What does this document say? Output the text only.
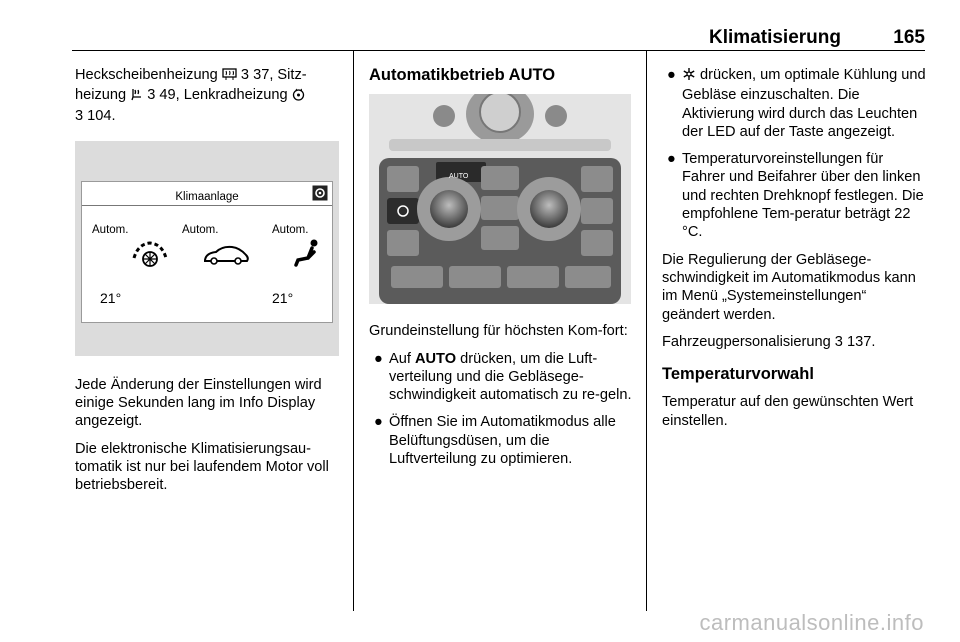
Klimatisierung	165

Heckscheibenheizung  3 37, Sitz-heizung  3 49, Lenkradheizung
3 104.

Klimaanlage
Autom.	Autom.	Autom.
21°	21°

Jede Änderung der Einstellungen wird einige Sekunden lang im Info Display angezeigt.

Die elektronische Klimatisierungsau-tomatik ist nur bei laufendem Motor voll betriebsbereit.

Automatikbetrieb AUTO
AUTO

Grundeinstellung für höchsten Kom-fort:

● Auf AUTO drücken, um die Luft-verteilung und die Gebläsege-schwindigkeit automatisch zu re-geln.
● Öffnen Sie im Automatikmodus alle Belüftungsdüsen, um die Luftverteilung zu optimieren.
● drücken, um optimale Kühlung und Gebläse einzuschalten. Die Aktivierung wird durch das Leuchten der LED auf der Taste angezeigt.
● Temperaturvoreinstellungen für Fahrer und Beifahrer über den linken und rechten Drehknopf festlegen. Die empfohlene Tem-peratur beträgt 22 °C.

Die Regulierung der Gebläsege-schwindigkeit im Automatikmodus kann im Menü „Systemeinstellungen“ geändert werden.

Fahrzeugpersonalisierung 3 137.

Temperaturvorwahl

Temperatur auf den gewünschten Wert einstellen.

carmanualsonline.info
